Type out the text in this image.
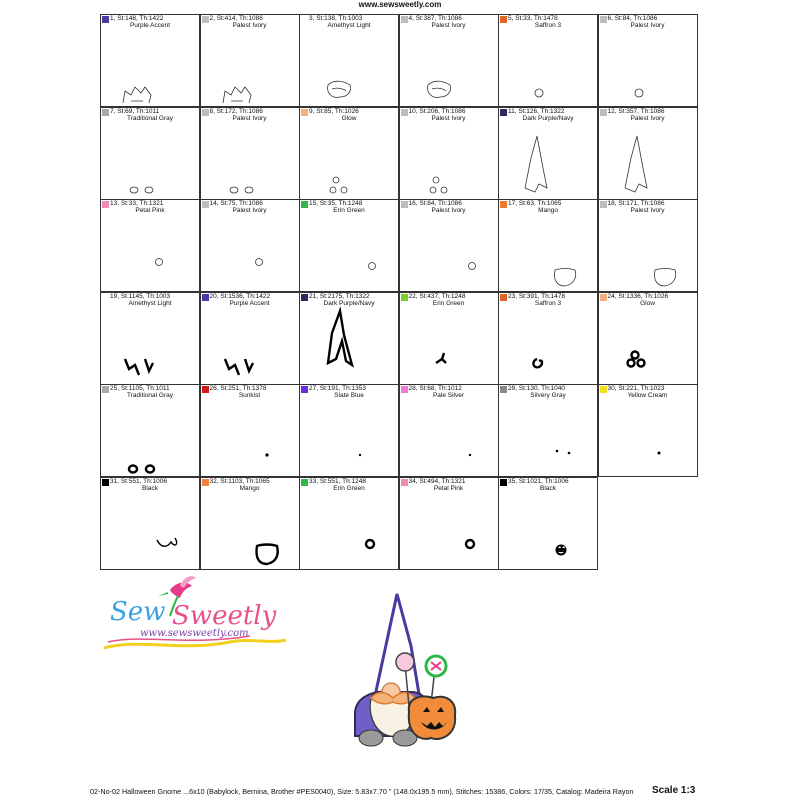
www.sewsweetly.com
1, St:148, Th:1422
Purple Accent
2, St:414, Th:1086
Palest Ivory
3, St:138, Th:1003
Amethyst Light
4, St:387, Th:1086
Palest Ivory
5, St:33, Th:1478
Saffron 3
6, St:84, Th:1086
Palest Ivory
7, St:69, Th:1011
Traditional Gray
8, St:172, Th:1086
Palest Ivory
9, St:85, Th:1026
Glow
10, St:206, Th:1086
Palest Ivory
11, St:126, Th:1322
Dark Purple/Navy
12, St:357, Th:1086
Palest Ivory
13, St:33, Th:1321
Petal Pink
14, St:75, Th:1086
Palest Ivory
15, St:35, Th:1248
Erin Green
16, St:84, Th:1086
Palest Ivory
17, St:63, Th:1065
Mango
18, St:171, Th:1086
Palest Ivory
19, St:1145, Th:1003
Amethyst Light
20, St:1536, Th:1422
Purple Accent
21, St:2175, Th:1322
Dark Purple/Navy
22, St:437, Th:1248
Erin Green
23, St:391, Th:1478
Saffron 3
24, St:1336, Th:1026
Glow
25, St:1105, Th:1011
Traditional Gray
26, St:251, Th:1378
Sunkist
27, St:191, Th:1353
Slate Blue
28, St:68, Th:1012
Pale Silver
29, St:130, Th:1040
Silvery Gray
30, St:221, Th:1023
Yellow Cream
31, St:551, Th:1006
Black
32, St:1103, Th:1065
Mango
33, St:551, Th:1248
Erin Green
34, St:494, Th:1321
Petal Pink
35, St:1021, Th:1006
Black
Sew Sweetly
www.sewsweetly.com
02-No-02 Halloween Gnome ...6x10 (Babylock, Bernina, Brother #PES0040), Size: 5.83x7.70 " (148.0x195.5 mm), Stitches: 15386, Colors: 17/35, Catalog: Madeira Rayon Scale 1:3
